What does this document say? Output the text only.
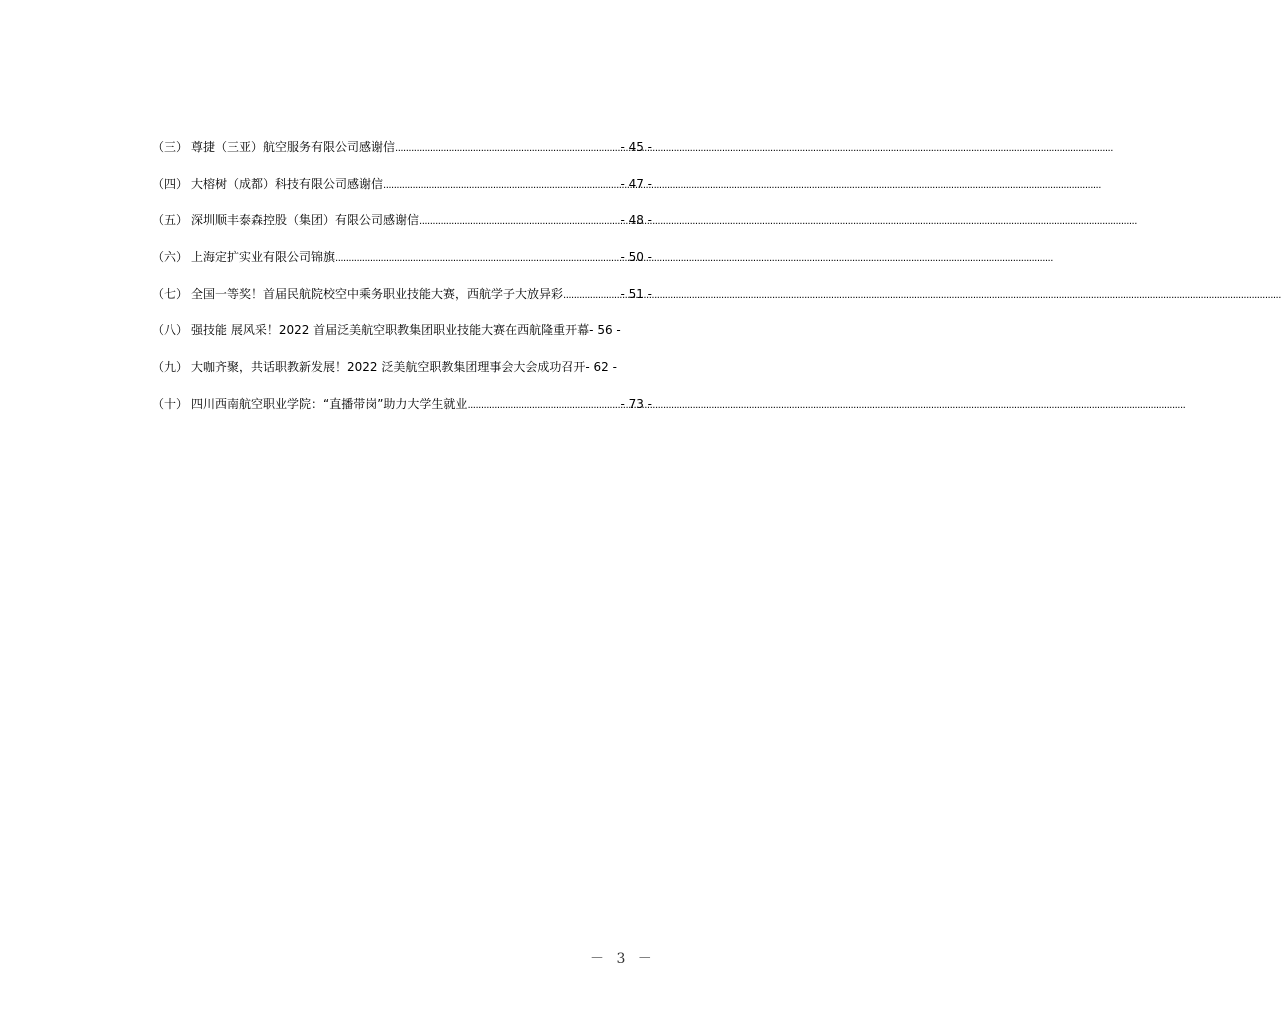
（三） 尊捷（三亚）航空服务有限公司感谢信 .....	- 45 -
（四） 大榕树（成都）科技有限公司感谢信 .....	- 47 -
（五） 深圳顺丰泰森控股（集团）有限公司感谢信 .....	- 48 -
（六） 上海定扩实业有限公司锦旗 .....	- 50 -
（七） 全国一等奖！首届民航院校空中乘务职业技能大赛，西航学子大放异彩 .....	- 51 -
（八） 强技能 展风采！2022 首届泛美航空职教集团职业技能大赛在西航隆重开幕 - 56 -
（九） 大咖齐聚，共话职教新发展！2022 泛美航空职教集团理事会大会成功召开 - 62 -
（十） 四川西南航空职业学院：“直播带岗”助力大学生就业 .....	- 73 -
－ 3 －
